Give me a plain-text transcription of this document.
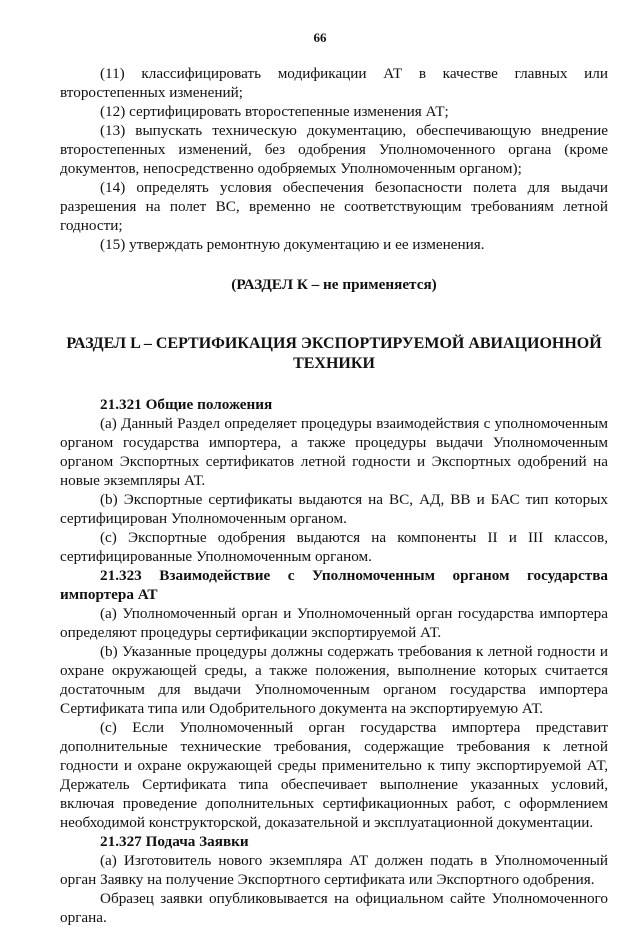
66

(11) классифицировать модификации АТ в качестве главных или второстепенных изменений;

(12) сертифицировать второстепенные изменения АТ;

(13) выпускать техническую документацию, обеспечивающую внедрение второстепенных изменений, без одобрения Уполномоченного органа (кроме документов, непосредственно одобряемых Уполномоченным органом);

(14) определять условия обеспечения безопасности полета для выдачи разрешения на полет ВС, временно не соответствующим требованиям летной годности;

(15) утверждать ремонтную документацию и ее изменения.

(РАЗДЕЛ К – не применяется)

РАЗДЕЛ L – СЕРТИФИКАЦИЯ ЭКСПОРТИРУЕМОЙ АВИАЦИОННОЙ
ТЕХНИКИ

21.321 Общие положения

(а) Данный Раздел определяет процедуры взаимодействия с уполномоченным органом государства импортера, а также процедуры выдачи Уполномоченным органом Экспортных сертификатов летной годности и Экспортных одобрений на новые экземпляры АТ.

(b) Экспортные сертификаты выдаются на ВС, АД, ВВ и БАС тип которых сертифицирован Уполномоченным органом.

(с) Экспортные одобрения выдаются на компоненты II и III классов, сертифицированные Уполномоченным органом.

21.323 Взаимодействие с Уполномоченным органом государства импортера АТ

(а) Уполномоченный орган и Уполномоченный орган государства импортера определяют процедуры сертификации экспортируемой АТ.

(b) Указанные процедуры должны содержать требования к летной годности и охране окружающей среды, а также положения, выполнение которых считается достаточным для выдачи Уполномоченным органом государства импортера Сертификата типа или Одобрительного документа на экспортируемую АТ.

(с) Если Уполномоченный орган государства импортера представит дополнительные технические требования, содержащие требования к летной годности и охране окружающей среды применительно к типу экспортируемой АТ, Держатель Сертификата типа обеспечивает выполнение указанных условий, включая проведение дополнительных сертификационных работ, с оформлением необходимой конструкторской, доказательной и эксплуатационной документации.

21.327 Подача Заявки

(а) Изготовитель нового экземпляра АТ должен подать в Уполномоченный орган Заявку на получение Экспортного сертификата или Экспортного одобрения.

Образец заявки опубликовывается на официальном сайте Уполномоченного органа.
